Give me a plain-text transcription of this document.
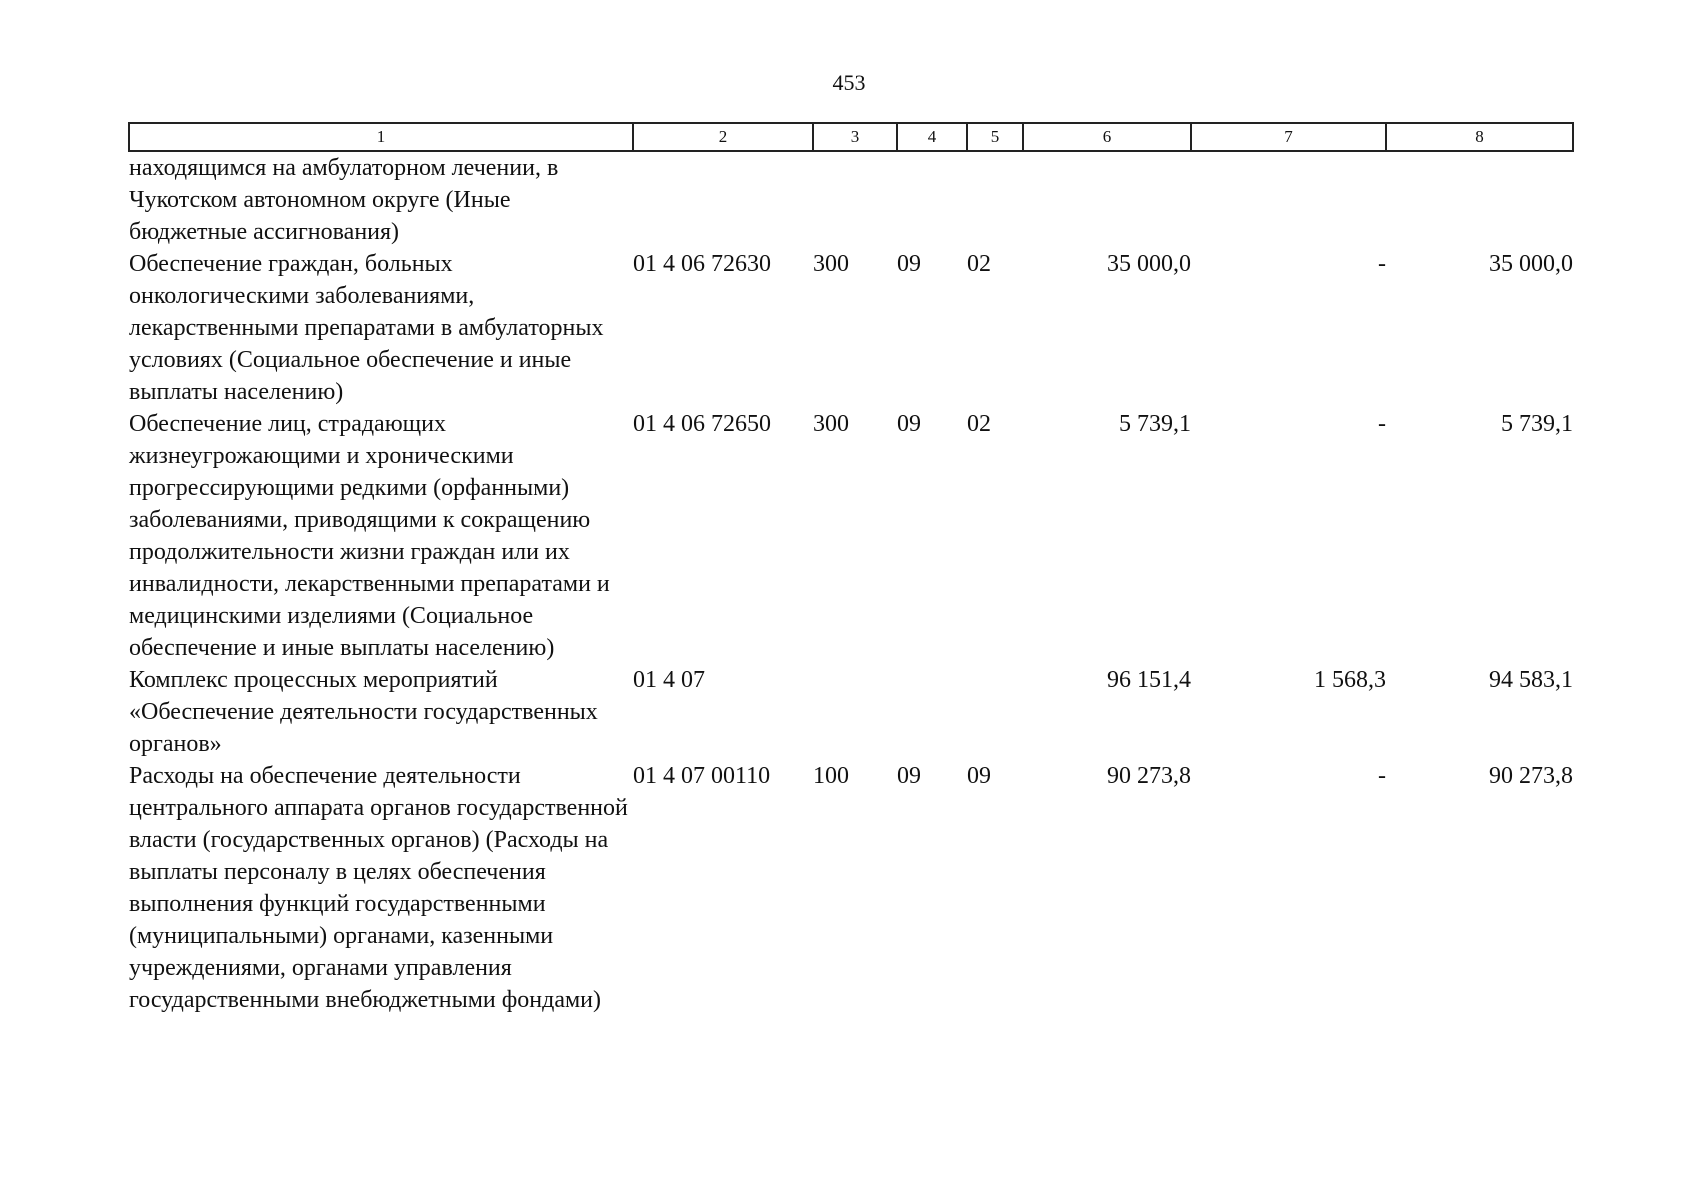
453
1	2	3	4	5	6	7	8
находящимся на амбулаторном лечении, в Чукотском автономном округе (Иные бюджетные ассигнования)							
Обеспечение граждан, больных онкологическими заболеваниями, лекарственными препаратами в амбулаторных условиях (Социальное обеспечение и иные выплаты населению)	01 4 06 72630	300	09	02	35 000,0	-	35 000,0
Обеспечение лиц, страдающих жизнеугрожающими и хроническими прогрессирующими редкими (орфанными) заболеваниями, приводящими к сокращению продолжительности жизни граждан или их инвалидности, лекарственными препаратами и медицинскими изделиями (Социальное обеспечение и иные выплаты населению)	01 4 06 72650	300	09	02	5 739,1	-	5 739,1
Комплекс процессных мероприятий «Обеспечение деятельности государственных органов»	01 4 07				96 151,4	1 568,3	94 583,1
Расходы на обеспечение деятельности центрального аппарата органов государственной власти (государственных органов) (Расходы на выплаты персоналу в целях обеспечения выполнения функций государственными (муниципальными) органами, казенными учреждениями, органами управления государственными внебюджетными фондами)	01 4 07 00110	100	09	09	90 273,8	-	90 273,8
